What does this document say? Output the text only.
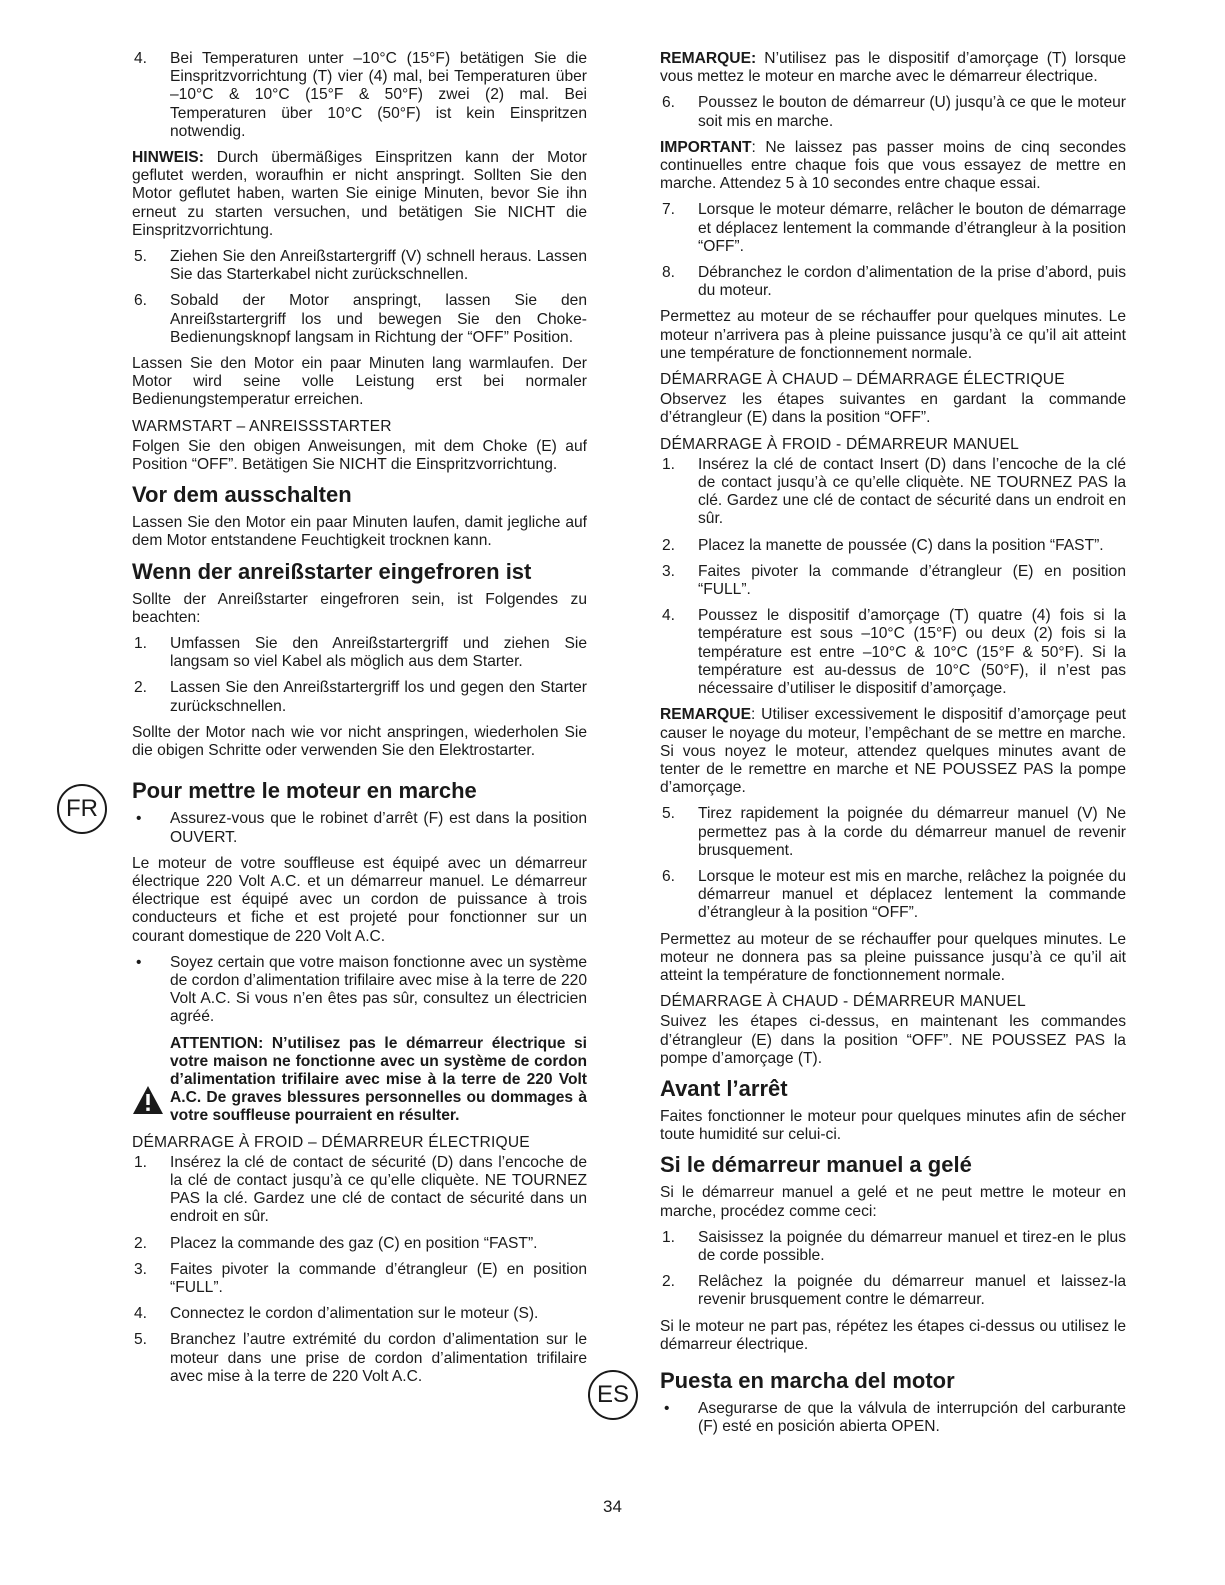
4. Bei Temperaturen unter –10°C (15°F) betätigen Sie die Einspritzvorrichtung (T) vier (4) mal, bei Temperaturen über –10°C & 10°C (15°F & 50°F) zwei (2) mal. Bei Temperaturen über 10°C (50°F) ist kein Einspritzen notwendig.

HINWEIS: Durch übermäßiges Einspritzen kann der Motor geflutet werden, woraufhin er nicht anspringt. Sollten Sie den Motor geflutet haben, warten Sie einige Minuten, bevor Sie ihn erneut zu starten versuchen, und betätigen Sie NICHT die Einspritzvorrichtung.

5. Ziehen Sie den Anreißstartergriff (V) schnell heraus. Lassen Sie das Starterkabel nicht zurückschnellen.
6. Sobald der Motor anspringt, lassen Sie den Anreißstartergriff los und bewegen Sie den Choke-Bedienungsknopf langsam in Richtung der “OFF” Position.

Lassen Sie den Motor ein paar Minuten lang warmlaufen. Der Motor wird seine volle Leistung erst bei normaler Bedienungstemperatur erreichen.

WARMSTART – ANREISSSTARTER

Folgen Sie den obigen Anweisungen, mit dem Choke (E) auf Position “OFF”. Betätigen Sie NICHT die Einspritzvorrichtung.

Vor dem ausschalten

Lassen Sie den Motor ein paar Minuten laufen, damit jegliche auf dem Motor entstandene Feuchtigkeit trocknen kann.

Wenn der anreißstarter eingefroren ist

Sollte der Anreißstarter eingefroren sein, ist Folgendes zu beachten:

1. Umfassen Sie den Anreißstartergriff und ziehen Sie langsam so viel Kabel als möglich aus dem Starter.
2. Lassen Sie den Anreißstartergriff los und gegen den Starter zurückschnellen.

Sollte der Motor nach wie vor nicht anspringen, wiederholen Sie die obigen Schritte oder verwenden Sie den Elektrostarter.

FR
Pour mettre le moteur en marche
• Assurez-vous que le robinet d’arrêt (F) est dans la position OUVERT.

Le moteur de votre souffleuse est équipé avec un démarreur électrique 220 Volt A.C. et un démarreur manuel. Le démarreur électrique est équipé avec un cordon de puissance à trois conducteurs et fiche et est projeté pour fonctionner sur un courant domestique de 220 Volt A.C.

• Soyez certain que votre maison fonctionne avec un système de cordon d’alimentation trifilaire avec mise à la terre de 220 Volt A.C. Si vous n’en êtes pas sûr, consultez un électricien agréé.
ATTENTION: N’utilisez pas le démarreur électrique si votre maison ne fonctionne avec un système de cordon d’alimentation trifilaire avec mise à la terre de 220 Volt A.C. De graves blessures personnelles ou dommages à votre souffleuse pourraient en résulter.
DÉMARRAGE À FROID – DÉMARREUR ÉLECTRIQUE
1. Insérez la clé de contact de sécurité (D) dans l’encoche de la clé de contact jusqu’à ce qu’elle cliquète. NE TOURNEZ PAS la clé. Gardez une clé de contact de sécurité dans un endroit en sûr.
2. Placez la commande des gaz (C) en position “FAST”.
3. Faites pivoter la commande d’étrangleur (E) en position “FULL”.
4. Connectez le cordon d’alimentation sur le moteur (S).
5. Branchez l’autre extrémité du cordon d’alimentation sur le moteur dans une prise de cordon d’alimentation trifilaire avec mise à la terre de 220 Volt A.C.

REMARQUE: N’utilisez pas le dispositif d’amorçage (T) lorsque vous mettez le moteur en marche avec le démarreur électrique.

6. Poussez le bouton de démarreur (U) jusqu’à ce que le moteur soit mis en marche.

IMPORTANT: Ne laissez pas passer moins de cinq secondes continuelles entre chaque fois que vous essayez de mettre en marche. Attendez 5 à 10 secondes entre chaque essai.

7. Lorsque le moteur démarre, relâcher le bouton de démarrage et déplacez lentement la commande d’étrangleur à la position “OFF”.
8. Débranchez le cordon d’alimentation de la prise d’abord, puis du moteur.

Permettez au moteur de se réchauffer pour quelques minutes. Le moteur n’arrivera pas à pleine puissance jusqu’à ce qu’il ait atteint une température de fonctionnement normale.

DÉMARRAGE À CHAUD – DÉMARRAGE ÉLECTRIQUE

Observez les étapes suivantes en gardant la commande d’étrangleur (E) dans la position “OFF”.

DÉMARRAGE À FROID - DÉMARREUR MANUEL
1. Insérez la clé de contact Insert (D) dans l’encoche de la clé de contact jusqu’à ce qu’elle cliquète. NE TOURNEZ PAS la clé. Gardez une clé de contact de sécurité dans un endroit en sûr.
2. Placez la manette de poussée (C) dans la position “FAST”.
3. Faites pivoter la commande d’étrangleur (E) en position “FULL”.
4. Poussez le dispositif d’amorçage (T) quatre (4) fois si la température est sous –10°C (15°F) ou deux (2) fois si la température est entre –10°C & 10°C (15°F & 50°F). Si la température est au-dessus de 10°C (50°F), il n’est pas nécessaire d’utiliser le dispositif d’amorçage.

REMARQUE: Utiliser excessivement le dispositif d’amorçage peut causer le noyage du moteur, l’empêchant de se mettre en marche. Si vous noyez le moteur, attendez quelques minutes avant de tenter de le remettre en marche et NE POUSSEZ PAS la pompe d’amorçage.

5. Tirez rapidement la poignée du démarreur manuel (V) Ne permettez pas à la corde du démarreur manuel de revenir brusquement.
6. Lorsque le moteur est mis en marche, relâchez la poignée du démarreur manuel et déplacez lentement la commande d’étrangleur à la position “OFF”.

Permettez au moteur de se réchauffer pour quelques minutes. Le moteur ne donnera pas sa pleine puissance jusqu’à ce qu’il ait atteint la température de fonctionnement normale.

DÉMARRAGE À CHAUD - DÉMARREUR MANUEL

Suivez les étapes ci-dessus, en maintenant les commandes d’étrangleur (E) dans la position “OFF”. NE POUSSEZ PAS la pompe d’amorçage (T).

Avant l’arrêt

Faites fonctionner le moteur pour quelques minutes afin de sécher toute humidité sur celui-ci.

Si le démarreur manuel a gelé

Si le démarreur manuel a gelé et ne peut mettre le moteur en marche, procédez comme ceci:

1. Saisissez la poignée du démarreur manuel et tirez-en le plus de corde possible.
2. Relâchez la poignée du démarreur manuel et laissez-la revenir brusquement contre le démarreur.

Si le moteur ne part pas, répétez les étapes ci-dessus ou utilisez le démarreur électrique.

ES
Puesta en marcha del motor
• Asegurarse de que la válvula de interrupción del carburante (F) esté en posición abierta OPEN.
34
